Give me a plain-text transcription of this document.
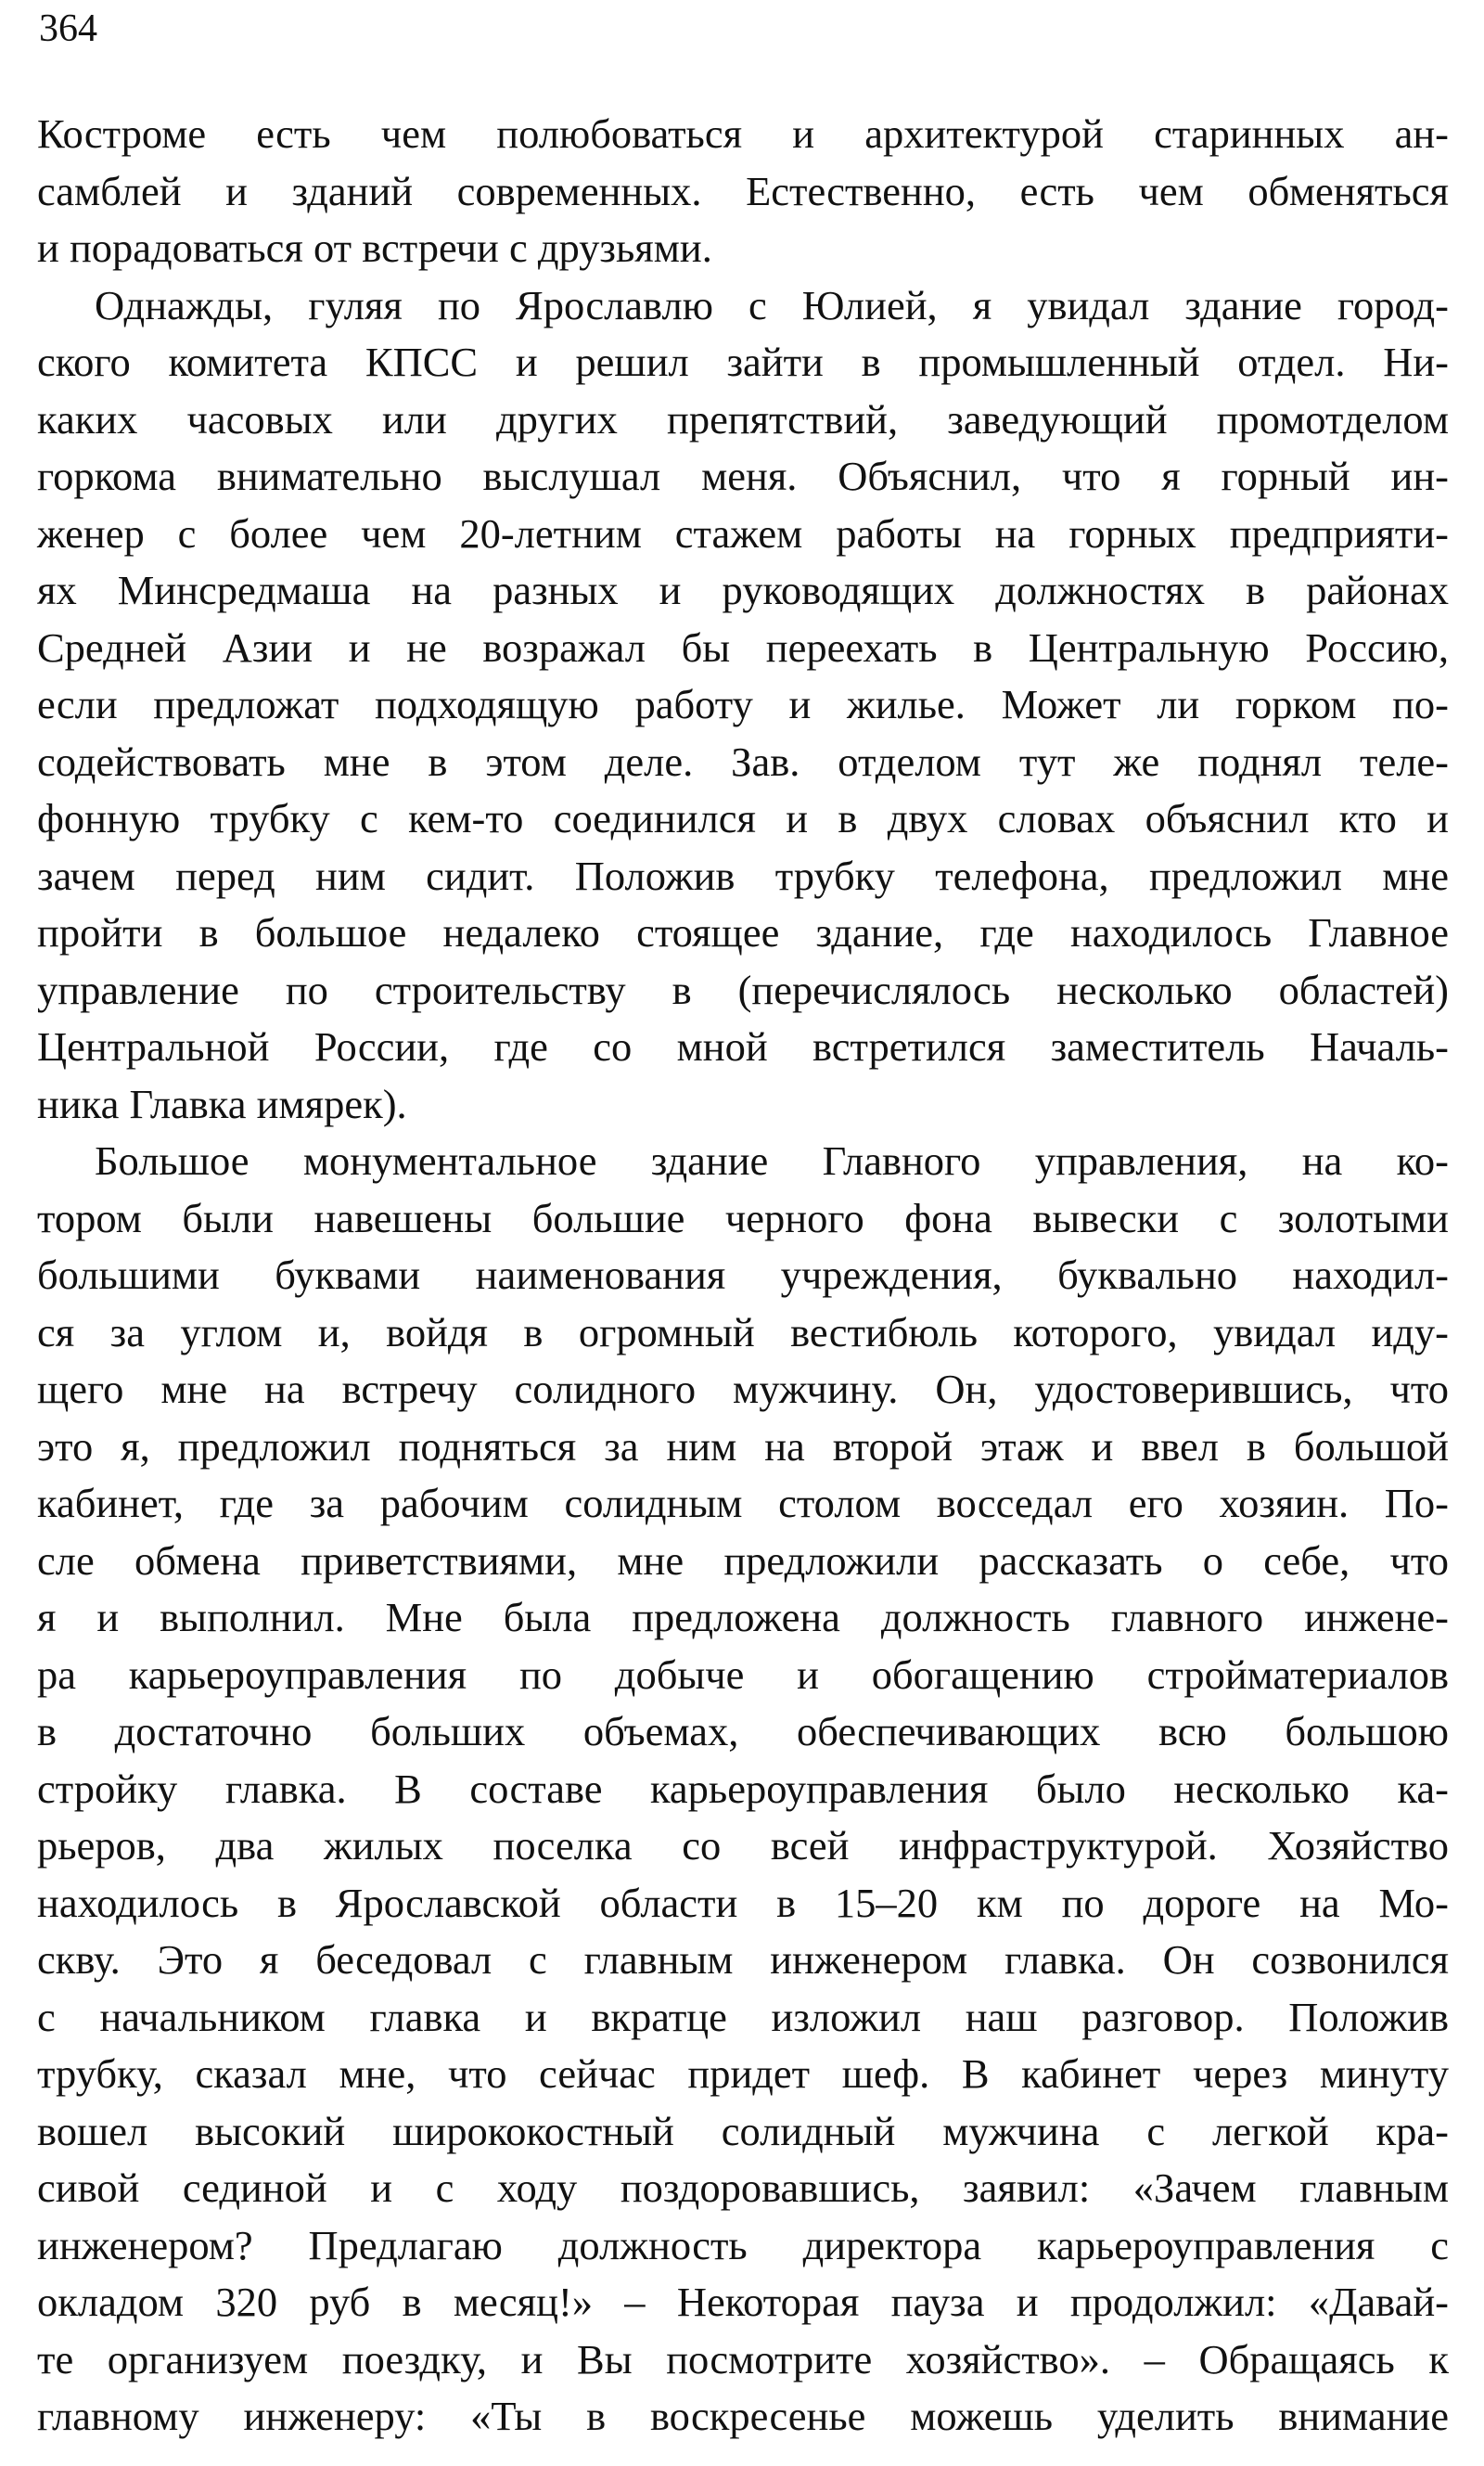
364

Костроме есть чем полюбоваться и архитектурой старинных ан-
самблей и зданий современных. Естественно, есть чем обменяться
и порадоваться от встречи с друзьями.
Однажды, гуляя по Ярославлю с Юлией, я увидал здание город-
ского комитета КПСС и решил зайти в промышленный отдел. Ни-
каких часовых или других препятствий, заведующий промотделом
горкома внимательно выслушал меня. Объяснил, что я горный ин-
женер с более чем 20-летним стажем работы на горных предприяти-
ях Минсредмаша на разных и руководящих должностях в районах
Средней Азии и не возражал бы переехать в Центральную Россию,
если предложат подходящую работу и жилье. Может ли горком по-
содействовать мне в этом деле. Зав. отделом тут же поднял теле-
фонную трубку с кем-то соединился и в двух словах объяснил кто и
зачем перед ним сидит. Положив трубку телефона, предложил мне
пройти в большое недалеко стоящее здание, где находилось Главное
управление по строительству в (перечислялось несколько областей)
Центральной России, где со мной встретился заместитель Началь-
ника Главка имярек).
Большое монументальное здание Главного управления, на ко-
тором были навешены большие черного фона вывески с золотыми
большими буквами наименования учреждения, буквально находил-
ся за углом и, войдя в огромный вестибюль которого, увидал иду-
щего мне на встречу солидного мужчину. Он, удостоверившись, что
это я, предложил подняться за ним на второй этаж и ввел в большой
кабинет, где за рабочим солидным столом восседал его хозяин. По-
сле обмена приветствиями, мне предложили рассказать о себе, что
я и выполнил. Мне была предложена должность главного инжене-
ра карьероуправления по добыче и обогащению стройматериалов
в достаточно больших объемах, обеспечивающих всю большою
стройку главка. В составе карьероуправления было несколько ка-
рьеров, два жилых поселка со всей инфраструктурой. Хозяйство
находилось в Ярославской области в 15–20 км по дороге на Мо-
скву. Это я беседовал с главным инженером главка. Он созвонился
с начальником главка и вкратце изложил наш разговор. Положив
трубку, сказал мне, что сейчас придет шеф. В кабинет через минуту
вошел высокий ширококостный солидный мужчина с легкой кра-
сивой сединой и с ходу поздоровавшись, заявил: «Зачем главным
инженером? Предлагаю должность директора карьероуправления с
окладом 320 руб в месяц!» – Некоторая пауза и продолжил: «Давай-
те организуем поездку, и Вы посмотрите хозяйство». – Обращаясь к
главному инженеру: «Ты в воскресенье можешь уделить внимание
